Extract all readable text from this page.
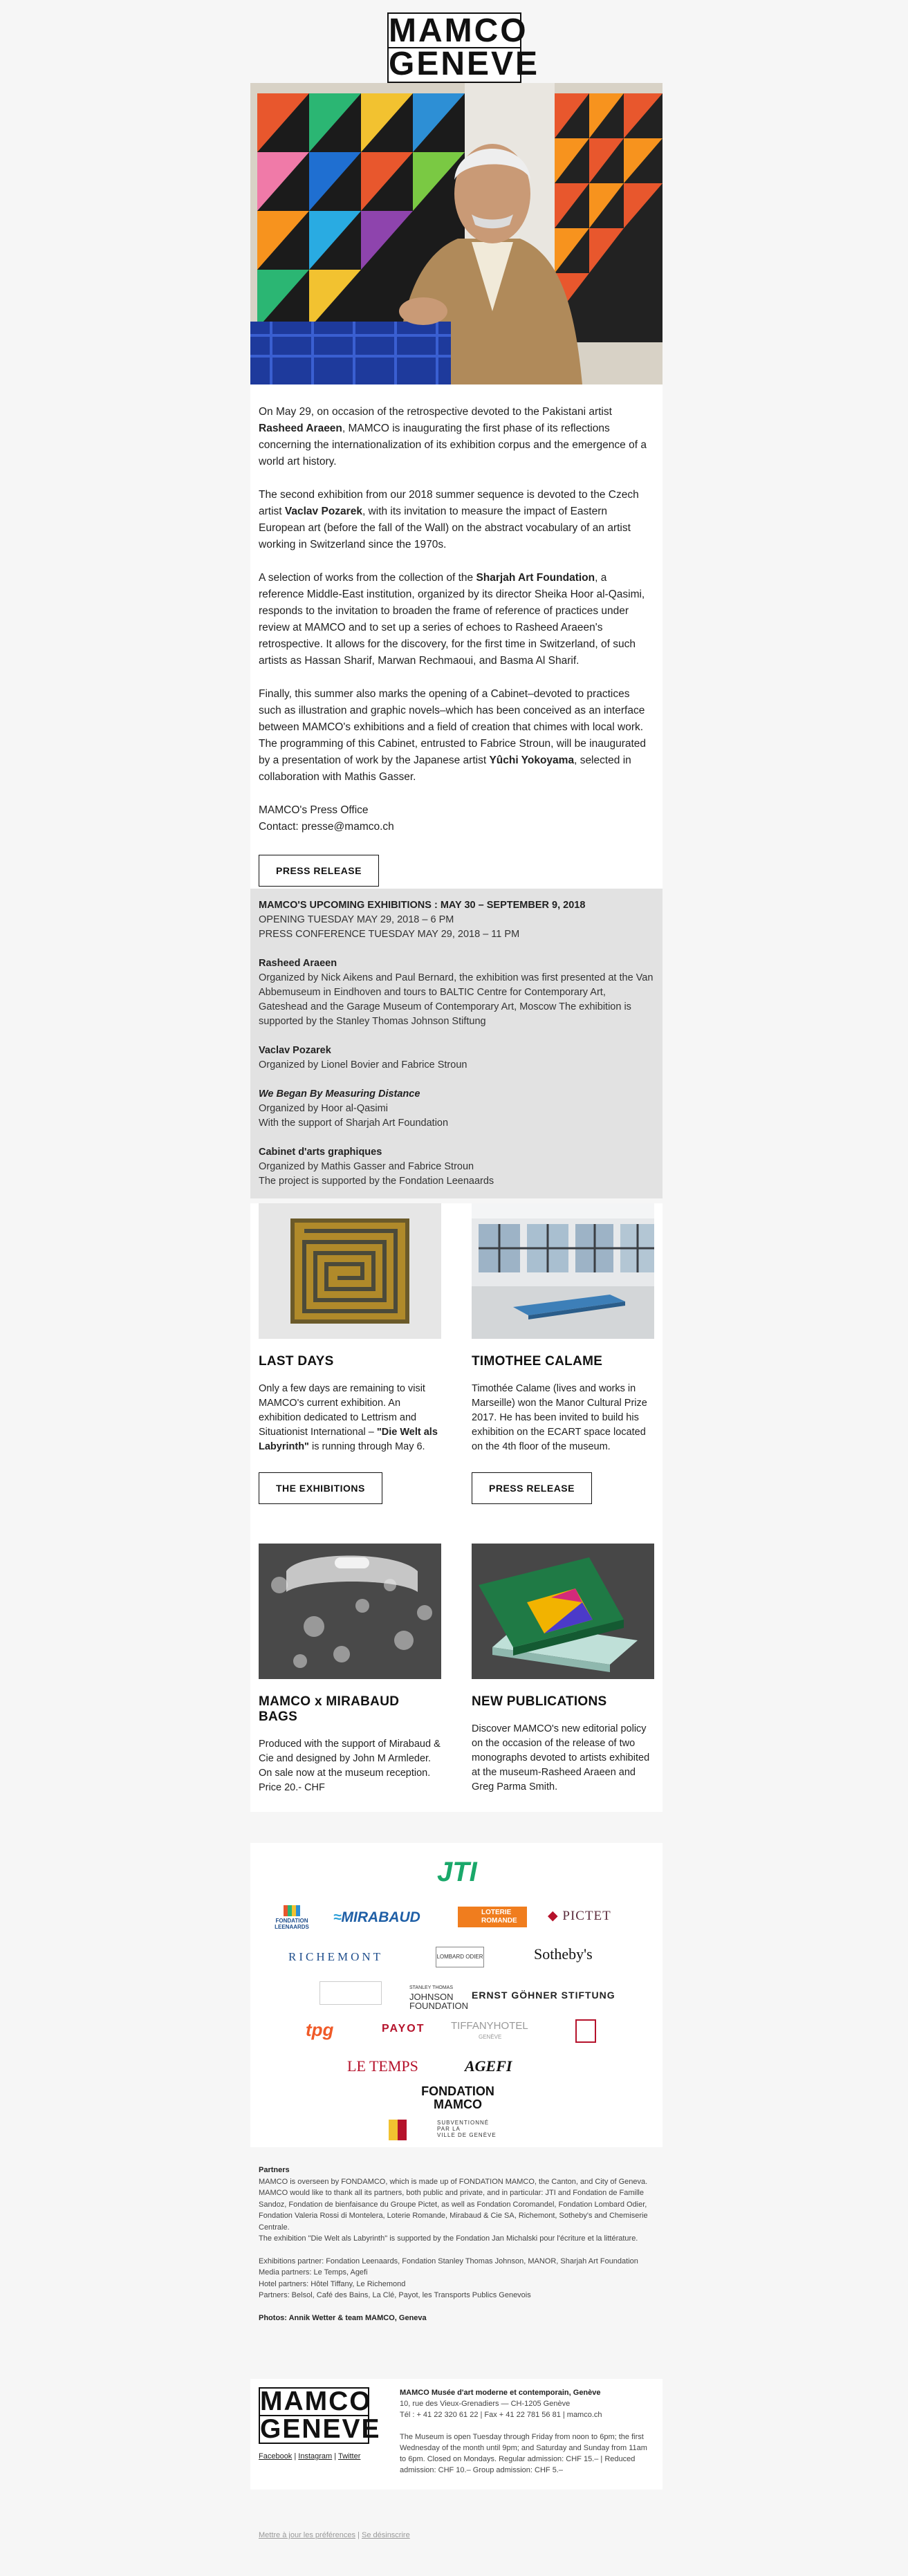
MAMCO
GENEVE

On May 29, on occasion of the retrospective devoted to the Pakistani artist Rasheed Araeen, MAMCO is inaugurating the first phase of its reflections concerning the internationalization of its exhibition corpus and the emergence of a world art history.

The second exhibition from our 2018 summer sequence is devoted to the Czech artist Vaclav Pozarek, with its invitation to measure the impact of Eastern European art (before the fall of the Wall) on the abstract vocabulary of an artist working in Switzerland since the 1970s.

A selection of works from the collection of the Sharjah Art Foundation, a reference Middle-East institution, organized by its director Sheika Hoor al-Qasimi, responds to the invitation to broaden the frame of reference of practices under review at MAMCO and to set up a series of echoes to Rasheed Araeen's retrospective. It allows for the discovery, for the first time in Switzerland, of such artists as Hassan Sharif, Marwan Rechmaoui, and Basma Al Sharif.

Finally, this summer also marks the opening of a Cabinet–devoted to practices such as illustration and graphic novels–which has been conceived as an interface between MAMCO's exhibitions and a field of creation that chimes with local work. The programming of this Cabinet, entrusted to Fabrice Stroun, will be inaugurated by a presentation of work by the Japanese artist Yûchi Yokoyama, selected in collaboration with Mathis Gasser.

MAMCO's Press Office
Contact: presse@mamco.ch

PRESS RELEASE
MAMCO'S UPCOMING EXHIBITIONS : MAY 30 – SEPTEMBER 9, 2018
OPENING TUESDAY MAY 29, 2018 – 6 PM
PRESS CONFERENCE TUESDAY MAY 29, 2018 – 11 PM
Rasheed Araeen
Organized by Nick Aikens and Paul Bernard, the exhibition was first presented at the Van Abbemuseum in Eindhoven and tours to BALTIC Centre for Contemporary Art, Gateshead and the Garage Museum of Contemporary Art, Moscow The exhibition is supported by the Stanley Thomas Johnson Stiftung
Vaclav Pozarek
Organized by Lionel Bovier and Fabrice Stroun
We Began By Measuring Distance
Organized by Hoor al-Qasimi
With the support of Sharjah Art Foundation
Cabinet d'arts graphiques
Organized by Mathis Gasser and Fabrice Stroun
The project is supported by the Fondation Leenaards
LAST DAYS

Only a few days are remaining to visit MAMCO's current exhibition. An exhibition dedicated to Lettrism and Situationist International – "Die Welt als Labyrinth" is running through May 6.

THE EXHIBITIONS
TIMOTHEE CALAME

Timothée Calame (lives and works in Marseille) won the Manor Cultural Prize 2017. He has been invited to build his exhibition on the ECART space located on the 4th floor of the museum.

PRESS RELEASE
MAMCO x MIRABAUD BAGS

Produced with the support of Mirabaud & Cie and designed by John M Armleder. On sale now at the museum reception. Price 20.- CHF

NEW PUBLICATIONS

Discover MAMCO's new editorial policy on the occasion of the release of two monographs devoted to artists exhibited at the museum-Rasheed Araeen and Greg Parma Smith.

JTI
FONDATION
LEENAARDS
≈MIRABAUD	LOTERIE
ROMANDE	◆ PICTET
RICHEMONT	LOMBARD ODIER	Sotheby's
STANLEY THOMAS
JOHNSON
FOUNDATION
ERNST GÖHNER STIFTUNG
tpg	PAYOT	TIFFANYHOTEL
GENÈVE
LE TEMPS	AGEFI
FONDATION
MAMCO
SUBVENTIONNÉ
PAR LA
VILLE DE GENÈVE
Partners
MAMCO is overseen by FONDAMCO, which is made up of FONDATION MAMCO, the Canton, and City of Geneva. MAMCO would like to thank all its partners, both public and private, and in particular: JTI and Fondation de Famille Sandoz, Fondation de bienfaisance du Groupe Pictet, as well as Fondation Coromandel, Fondation Lombard Odier, Fondation Valeria Rossi di Montelera, Loterie Romande, Mirabaud & Cie SA, Richemont, Sotheby's and Chemiserie Centrale.
The exhibition "Die Welt als Labyrinth" is supported by the Fondation Jan Michalski pour l'écriture et la littérature.
Exhibitions partner: Fondation Leenaards, Fondation Stanley Thomas Johnson, MANOR, Sharjah Art Foundation
Media partners: Le Temps, Agefi
Hotel partners: Hôtel Tiffany, Le Richemond
Partners: Belsol, Café des Bains, La Clé, Payot, les Transports Publics Genevois
Photos: Annik Wetter & team MAMCO, Geneva
MAMCO
GENEVE
Facebook | Instagram | Twitter
MAMCO Musée d'art moderne et contemporain, Genève
10, rue des Vieux-Grenadiers — CH-1205 Genève
Tél : + 41 22 320 61 22 | Fax + 41 22 781 56 81 | mamco.ch
The Museum is open Tuesday through Friday from noon to 6pm; the first Wednesday of the month until 9pm; and Saturday and Sunday from 11am to 6pm. Closed on Mondays. Regular admission: CHF 15.– | Reduced admission: CHF 10.– Group admission: CHF 5.–
Mettre à jour les préférences | Se désinscrire
